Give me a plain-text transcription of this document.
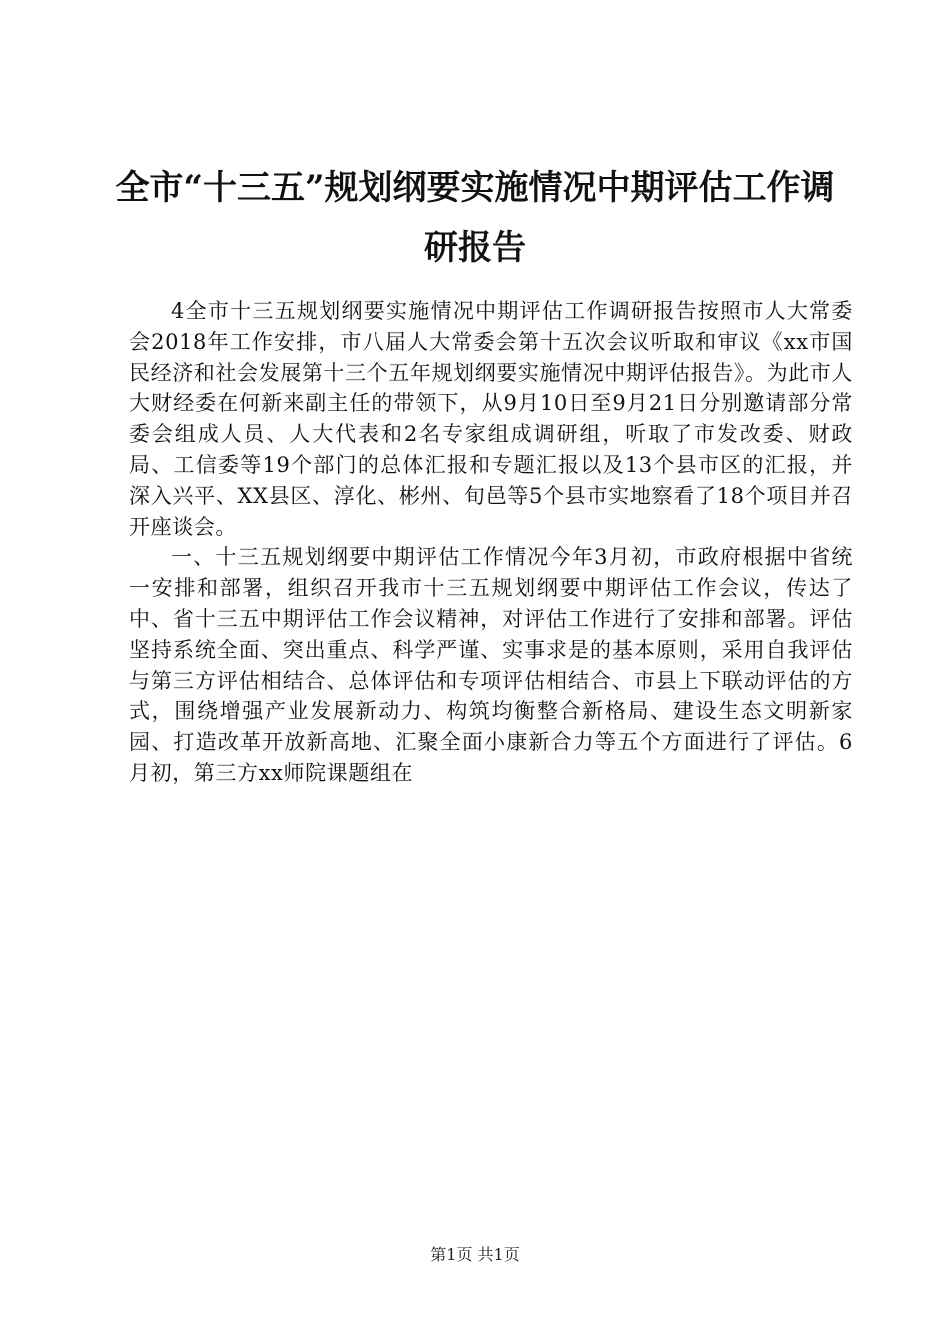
全市“十三五”规划纲要实施情况中期评估工作调研报告

4全市十三五规划纲要实施情况中期评估工作调研报告按照市人大常委会2018年工作安排，市八届人大常委会第十五次会议听取和审议《xx市国民经济和社会发展第十三个五年规划纲要实施情况中期评估报告》。为此市人大财经委在何新来副主任的带领下，从9月10日至9月21日分别邀请部分常委会组成人员、人大代表和2名专家组成调研组，听取了市发改委、财政局、工信委等19个部门的总体汇报和专题汇报以及13个县市区的汇报，并深入兴平、XX县区、淳化、彬州、旬邑等5个县市实地察看了18个项目并召开座谈会。

一、十三五规划纲要中期评估工作情况今年3月初，市政府根据中省统一安排和部署，组织召开我市十三五规划纲要中期评估工作会议，传达了中、省十三五中期评估工作会议精神，对评估工作进行了安排和部署。评估坚持系统全面、突出重点、科学严谨、实事求是的基本原则，采用自我评估与第三方评估相结合、总体评估和专项评估相结合、市县上下联动评估的方式，围绕增强产业发展新动力、构筑均衡整合新格局、建设生态文明新家园、打造改革开放新高地、汇聚全面小康新合力等五个方面进行了评估。6月初，第三方xx师院课题组在

第1页 共1页
